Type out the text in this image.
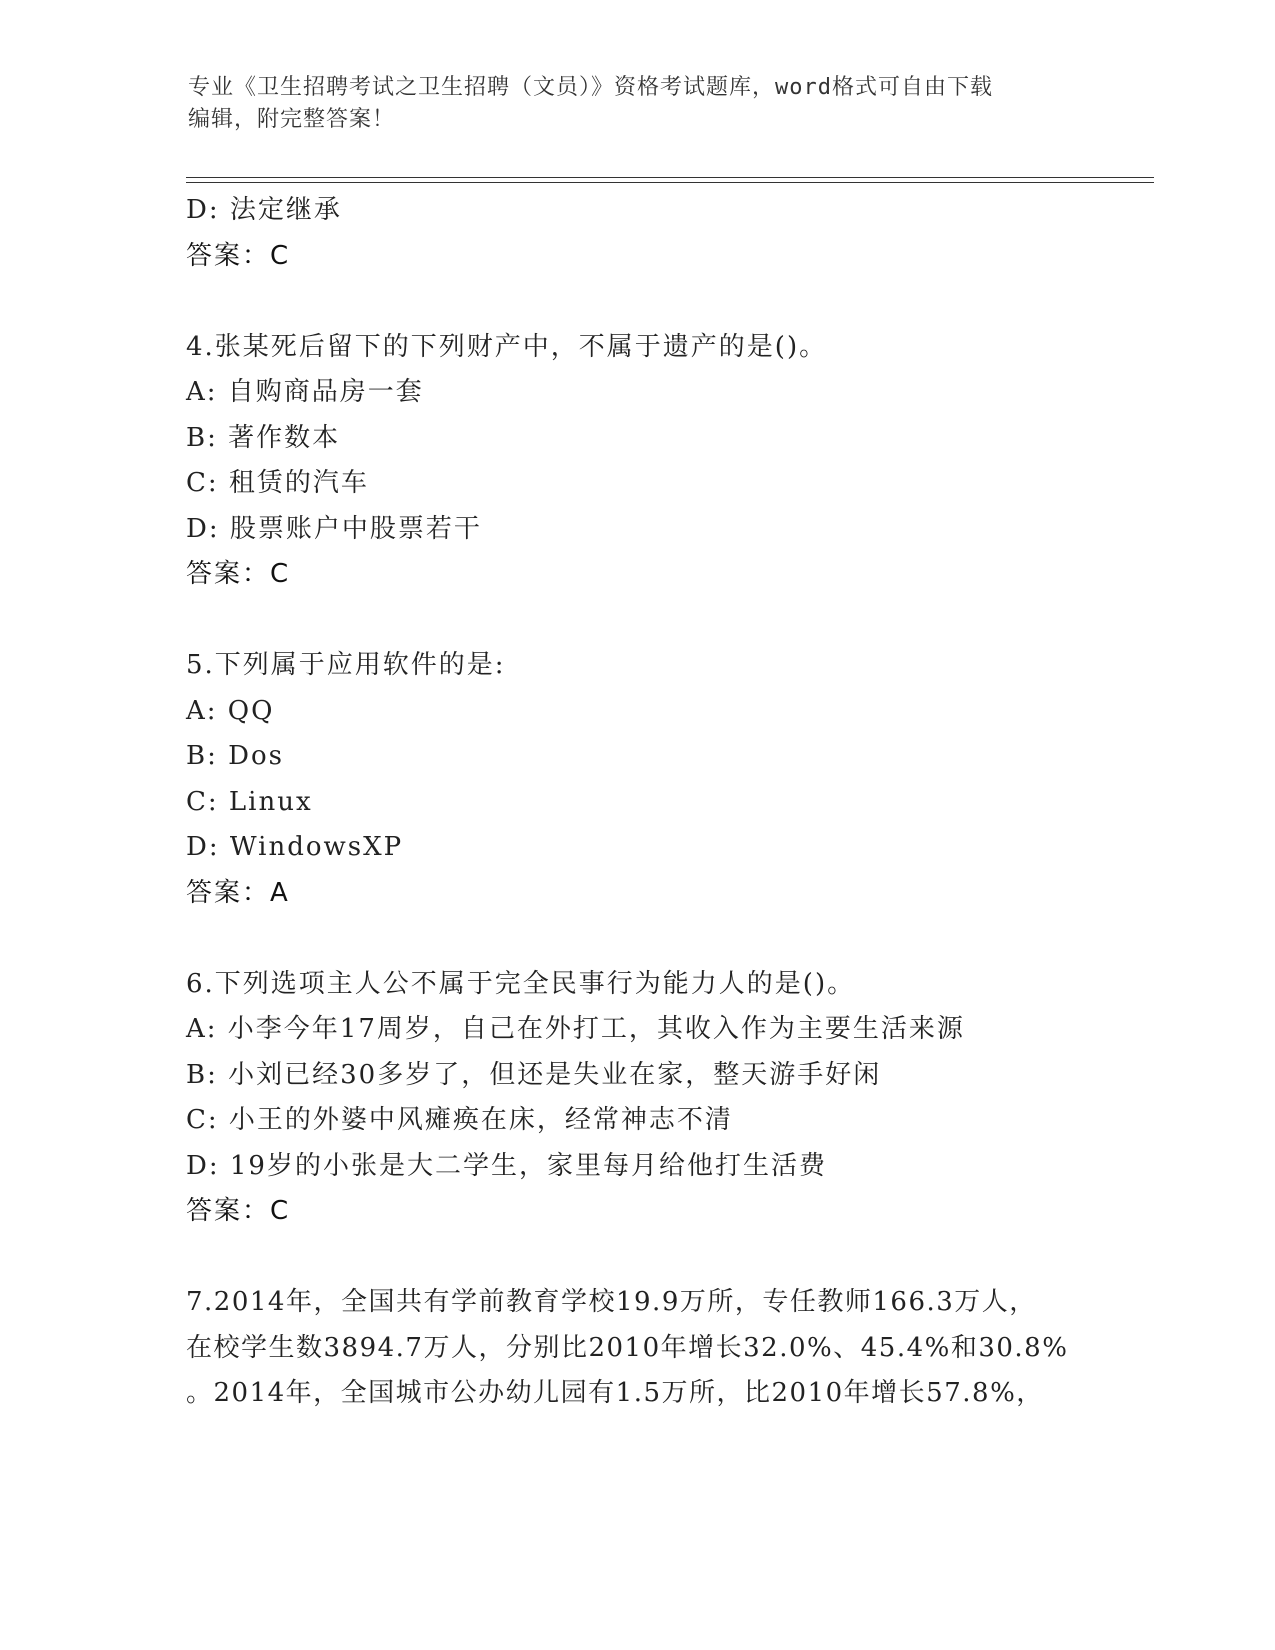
专业《卫生招聘考试之卫生招聘（文员）》资格考试题库，word格式可自由下载
编辑，附完整答案！
D: 法定继承
答案：C
4.张某死后留下的下列财产中，不属于遗产的是()。
A: 自购商品房一套
B: 著作数本
C: 租赁的汽车
D: 股票账户中股票若干
答案：C
5.下列属于应用软件的是:
A: QQ
B: Dos
C: Linux
D: WindowsXP
答案：A
6.下列选项主人公不属于完全民事行为能力人的是()。
A: 小李今年17周岁，自己在外打工，其收入作为主要生活来源
B: 小刘已经30多岁了，但还是失业在家，整天游手好闲
C: 小王的外婆中风瘫痪在床，经常神志不清
D: 19岁的小张是大二学生，家里每月给他打生活费
答案：C
7.2014年，全国共有学前教育学校19.9万所，专任教师166.3万人，
在校学生数3894.7万人，分别比2010年增长32.0%、45.4%和30.8%
。2014年，全国城市公办幼儿园有1.5万所，比2010年增长57.8%，
